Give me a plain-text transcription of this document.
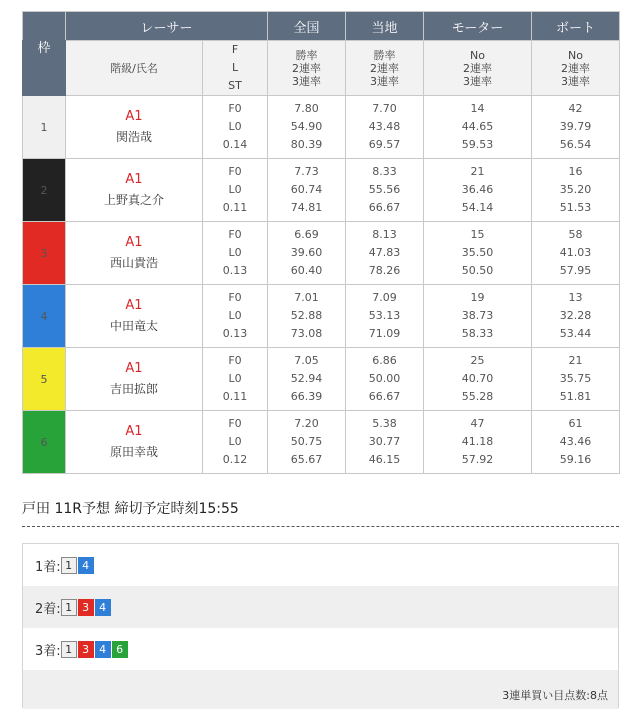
	レーサー		全国	当地	モーター	ボート
枠	階級/氏名	F
L
ST	勝率
2連率
3連率	勝率
2連率
3連率	No
2連率
3連率	No
2連率
3連率

1	A1
関浩哉	F0
L0
0.14	7.80
54.90
80.39	7.70
43.48
69.57	14
44.65
59.53	42
39.79
56.54

2	A1
上野真之介	F0
L0
0.11	7.73
60.74
74.81	8.33
55.56
66.67	21
36.46
54.14	16
35.20
51.53

3	A1
西山貴浩	F0
L0
0.13	6.69
39.60
60.40	8.13
47.83
78.26	15
35.50
50.50	58
41.03
57.95

4	A1
中田竜太	F0
L0
0.13	7.01
52.88
73.08	7.09
53.13
71.09	19
38.73
58.33	13
32.28
53.44

5	A1
吉田拡郎	F0
L0
0.11	7.05
52.94
66.39	6.86
50.00
66.67	25
40.70
55.28	21
35.75
51.81

6	A1
原田幸哉	F0
L0
0.12	7.20
50.75
65.67	5.38
30.77
46.15	47
41.18
57.92	61
43.46
59.16
戸田 11R予想 締切予定時刻15:55
1着: 1 4
2着: 1 3 4
3着: 1 3 4 6
3連単買い目点数:8点
